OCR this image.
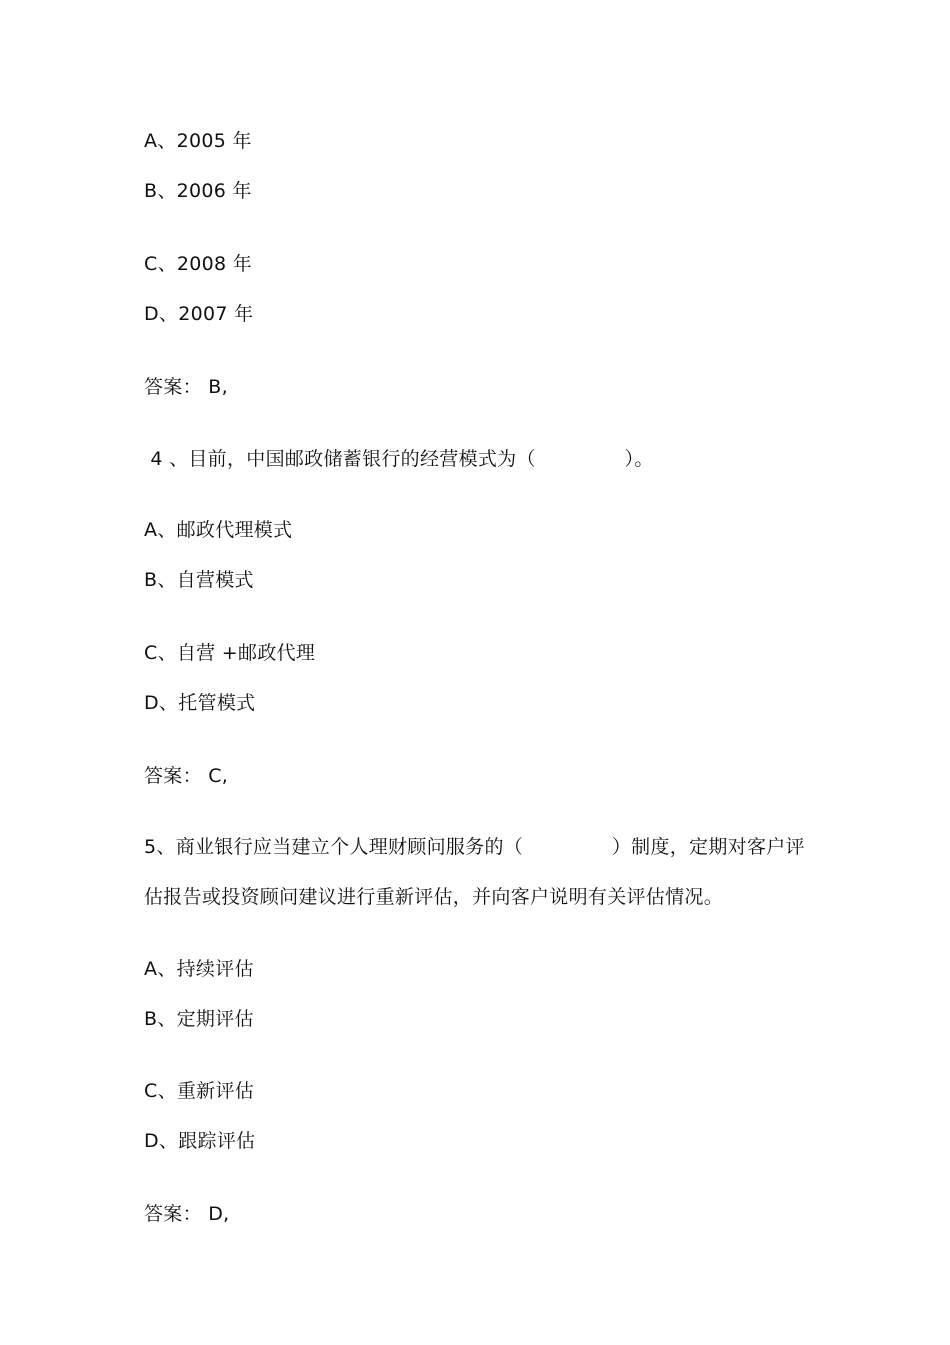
A、2005 年
B、2006 年
C、2008 年
D、2007 年
答案： B,
4 、目前，中国邮政储蓄银行的经营模式为（              ）。
A、邮政代理模式
B、自营模式
C、自营 +邮政代理
D、托管模式
答案： C,
5、商业银行应当建立个人理财顾问服务的（              ）制度，定期对客户评
估报告或投资顾问建议进行重新评估，并向客户说明有关评估情况。
A、持续评估
B、定期评估
C、重新评估
D、跟踪评估
答案： D,
